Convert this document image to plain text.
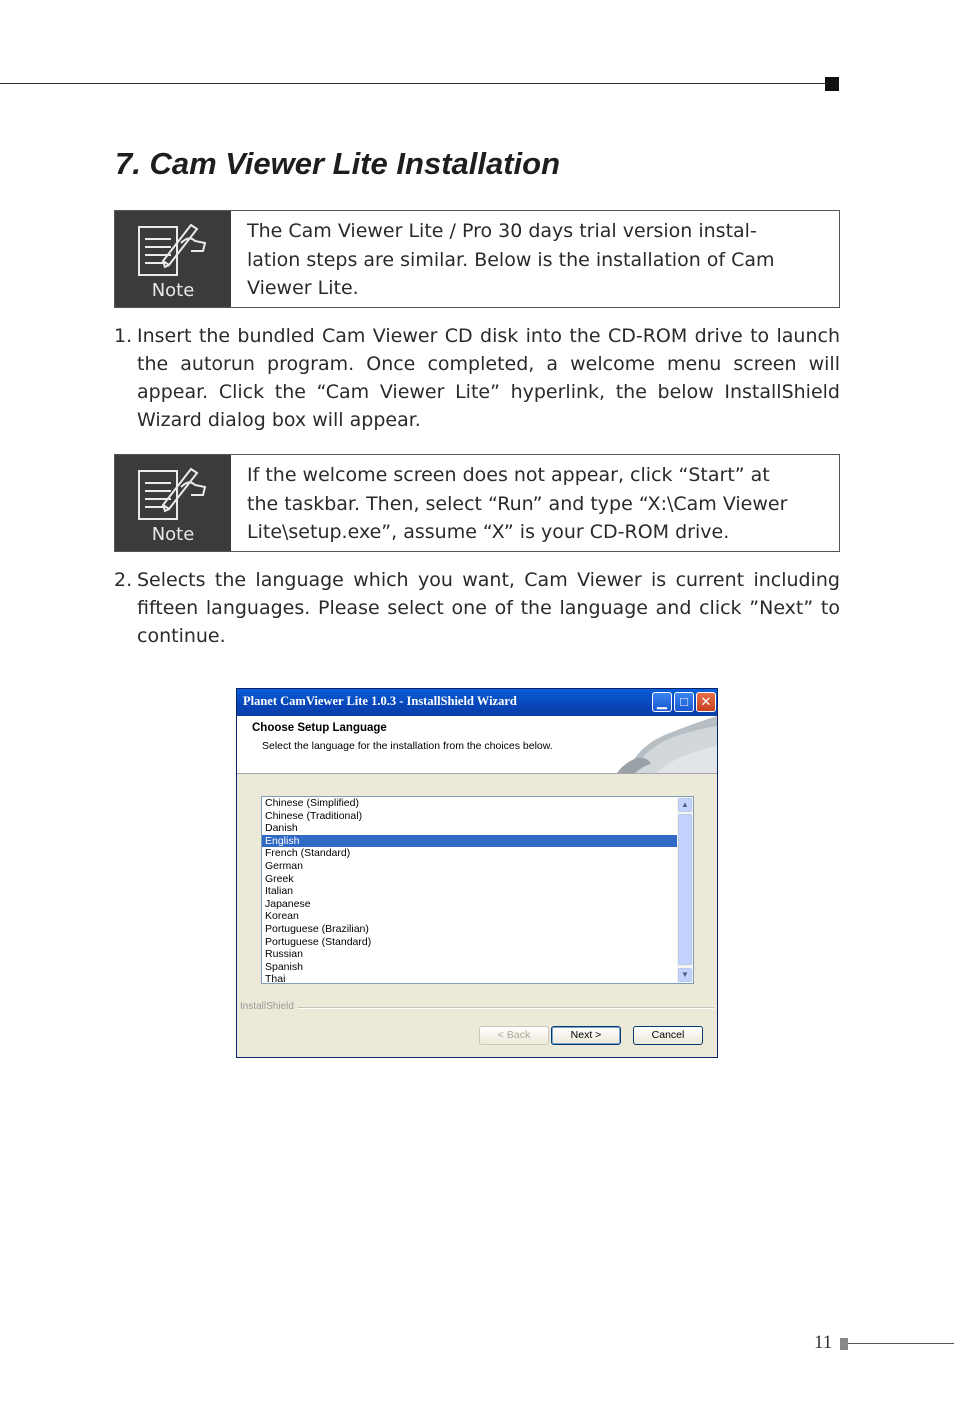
7. Cam Viewer Lite Installation
Note
The Cam Viewer Lite / Pro 30 days trial version instal-
lation steps are similar. Below is the installation of Cam
Viewer Lite.
1. Insert the bundled Cam Viewer CD disk into the CD-ROM drive to launch the autorun program. Once completed, a welcome menu screen will appear. Click the “Cam Viewer Lite” hyperlink, the below InstallShield Wizard dialog box will appear.
Note
If the welcome screen does not appear, click “Start” at
the taskbar. Then, select “Run” and type “X:\Cam Viewer
Lite\setup.exe”, assume “X” is your CD-ROM drive.
2. Selects the language which you want, Cam Viewer is current including fifteen languages. Please select one of the language and click ”Next” to continue.
Planet CamViewer Lite 1.0.3 - InstallShield Wizard	▁	□ ✕
Choose Setup Language
Select the language for the installation from the choices below.
Chinese (Simplified)
Chinese (Traditional)
Danish
English
French (Standard)
German
Greek
Italian
Japanese
Korean
Portuguese (Brazilian)
Portuguese (Standard)
Russian
Spanish
Thai
▲
▼
InstallShield
< Back	Next >	Cancel
11
